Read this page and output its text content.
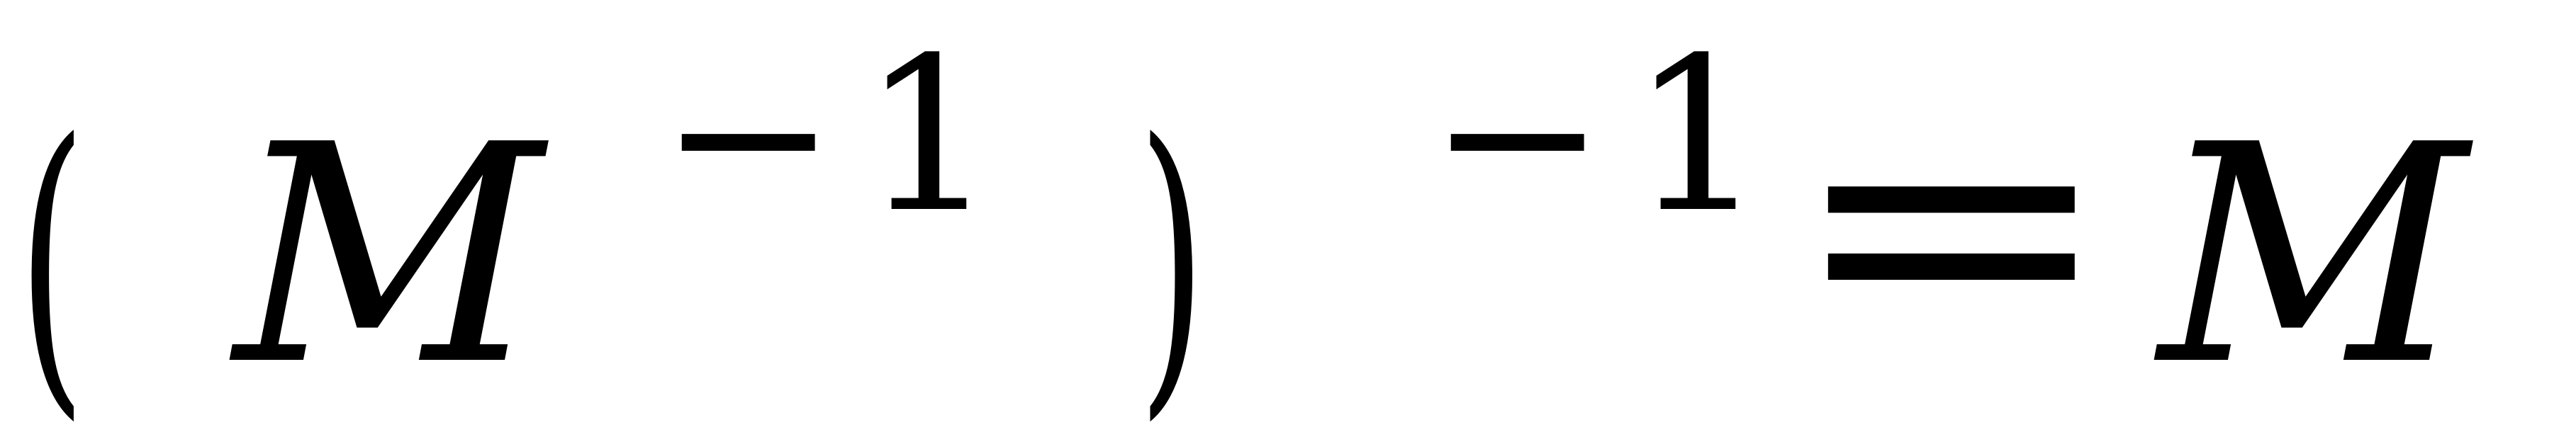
( M − 1 ) − 1 = M
